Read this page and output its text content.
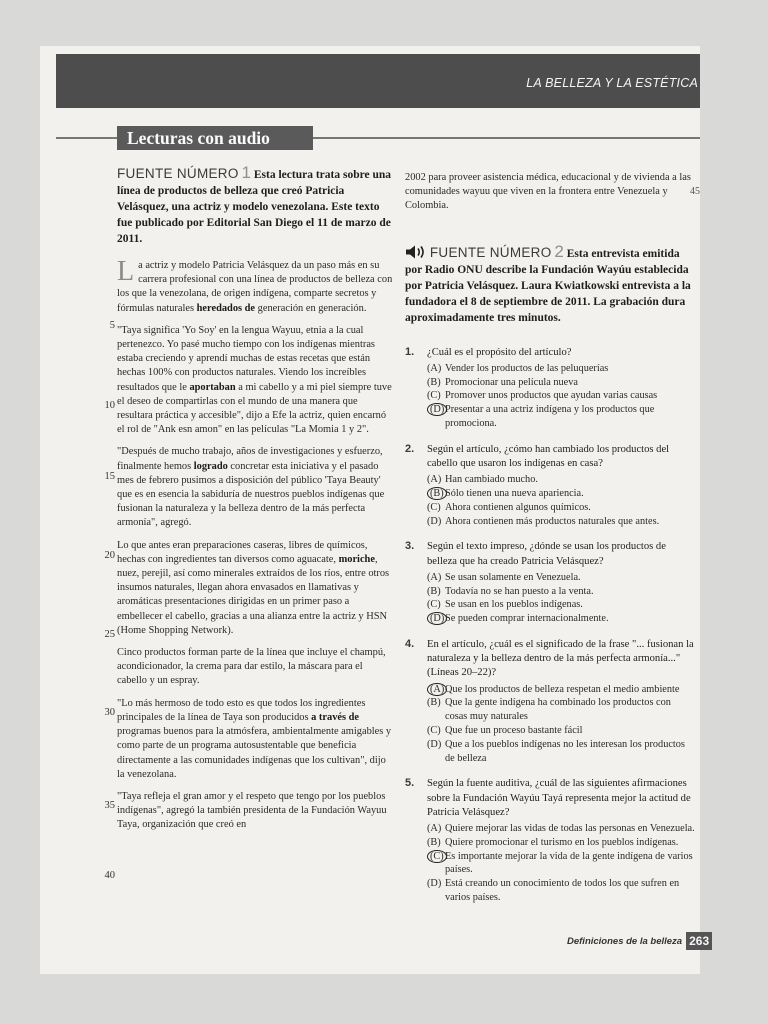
LA BELLEZA Y LA ESTÉTICA
Lecturas con audio
FUENTE NÚMERO 1 Esta lectura trata sobre una línea de productos de belleza que creó Patricia Velásquez, una actriz y modelo venezolana. Este texto fue publicado por Editorial San Diego el 11 de marzo de 2011.
5
10
15
20
25
30
35
40

La actriz y modelo Patricia Velásquez da un paso más en su carrera profesional con una línea de productos de belleza con los que la venezolana, de origen indígena, comparte secretos y fórmulas naturales heredados de generación en generación.

"Taya significa 'Yo Soy' en la lengua Wayuu, etnia a la cual pertenezco. Yo pasé mucho tiempo con los indígenas mientras estaba creciendo y aprendí muchas de estas recetas que están hechas 100% con productos naturales. Viendo los increíbles resultados que le aportaban a mi cabello y a mi piel siempre tuve el deseo de compartirlas con el mundo de una manera que resultara práctica y accesible", dijo a Efe la actriz, quien encarnó el rol de "Ank esn amon" en las películas "La Momia 1 y 2".

"Después de mucho trabajo, años de investigaciones y esfuerzo, finalmente hemos logrado concretar esta iniciativa y el pasado mes de febrero pusimos a disposición del público 'Taya Beauty' que es en esencia la sabiduría de nuestros pueblos indígenas que fusionan la naturaleza y la belleza dentro de la más perfecta armonía", agregó.

Lo que antes eran preparaciones caseras, libres de químicos, hechas con ingredientes tan diversos como aguacate, moriche, nuez, perejil, así como minerales extraídos de los ríos, entre otros insumos naturales, llegan ahora envasados en llamativas y aromáticas presentaciones dirigidas en un primer paso a embellecer el cabello, gracias a una alianza entre la actriz y HSN (Home Shopping Network).

Cinco productos forman parte de la línea que incluye el champú, acondicionador, la crema para dar estilo, la máscara para el cabello y un espray.

"Lo más hermoso de todo esto es que todos los ingredientes principales de la línea de Taya son producidos a través de programas buenos para la atmósfera, ambientalmente amigables y como parte de un programa autosustentable que beneficia directamente a las comunidades indígenas que los cultivan", dijo la venezolana.

"Taya refleja el gran amor y el respeto que tengo por los pueblos indígenas", agregó la también presidenta de la Fundación Wayuu Taya, organización que creó en

2002 para proveer asistencia médica, educacional y de vivienda a las comunidades wayuu que viven en la frontera entre Venezuela y Colombia.

45
FUENTE NÚMERO 2 Esta entrevista emitida por Radio ONU describe la Fundación Wayúu establecida por Patricia Velásquez. Laura Kwiatkowski entrevista a la fundadora el 8 de septiembre de 2011. La grabación dura aproximadamente tres minutos.
1. ¿Cuál es el propósito del artículo?
(A) Vender los productos de las peluquerías
(B) Promocionar una película nueva
(C) Promover unos productos que ayudan varias causas
(D) Presentar a una actriz indígena y los productos que promociona.
2. Según el artículo, ¿cómo han cambiado los productos del cabello que usaron los indígenas en casa?
(A) Han cambiado mucho.
(B) Sólo tienen una nueva apariencia.
(C) Ahora contienen algunos químicos.
(D) Ahora contienen más productos naturales que antes.
3. Según el texto impreso, ¿dónde se usan los productos de belleza que ha creado Patricia Velásquez?
(A) Se usan solamente en Venezuela.
(B) Todavía no se han puesto a la venta.
(C) Se usan en los pueblos indígenas.
(D) Se pueden comprar internacionalmente.
4. En el artículo, ¿cuál es el significado de la frase "... fusionan la naturaleza y la belleza dentro de la más perfecta armonía..." (Líneas 20–22)?
(A) Que los productos de belleza respetan el medio ambiente
(B) Que la gente indígena ha combinado los productos con cosas muy naturales
(C) Que fue un proceso bastante fácil
(D) Que a los pueblos indígenas no les interesan los productos de belleza
5. Según la fuente auditiva, ¿cuál de las siguientes afirmaciones sobre la Fundación Wayúu Tayá representa mejor la actitud de Patricia Velásquez?
(A) Quiere mejorar las vidas de todas las personas en Venezuela.
(B) Quiere promocionar el turismo en los pueblos indígenas.
(C) Es importante mejorar la vida de la gente indígena de varios países.
(D) Está creando un conocimiento de todos los que sufren en varios países.
Definiciones de la belleza 263
